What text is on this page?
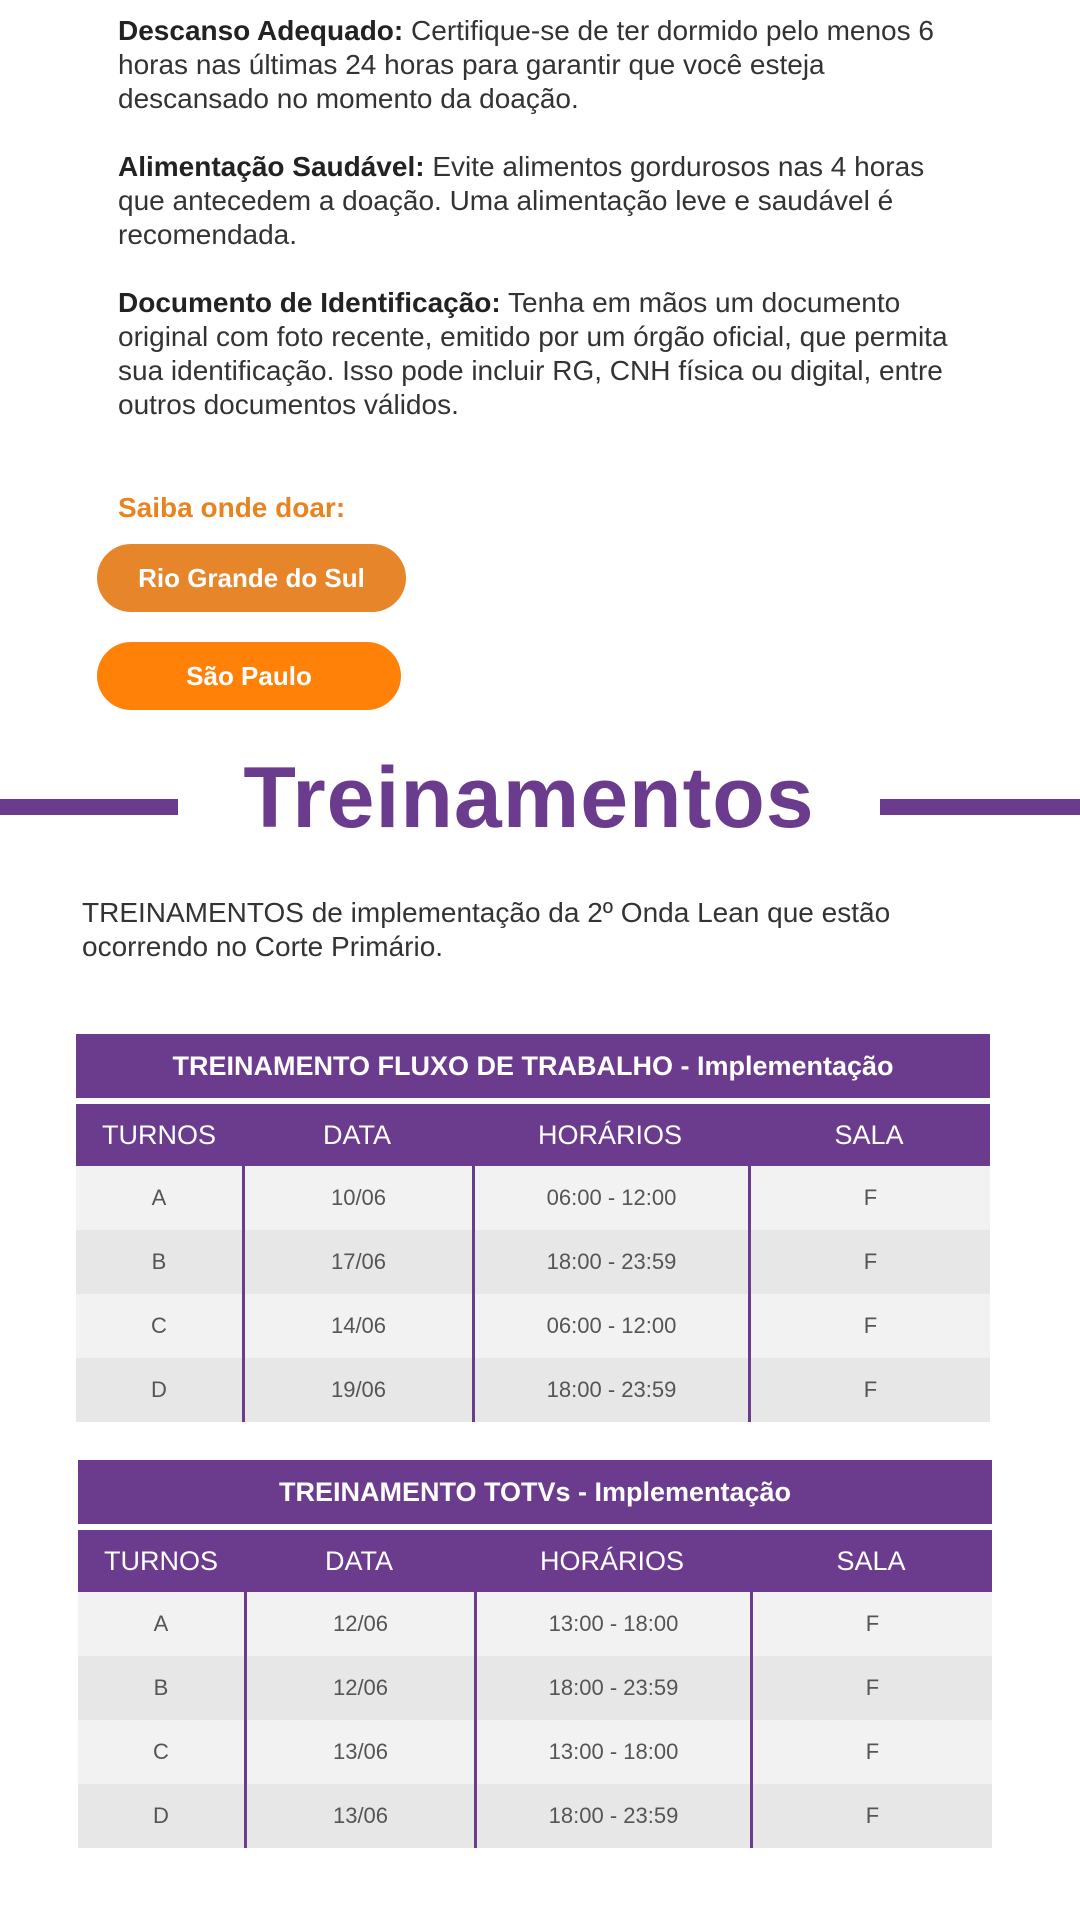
Descanso Adequado: Certifique-se de ter dormido pelo menos 6 horas nas últimas 24 horas para garantir que você esteja descansado no momento da doação.

Alimentação Saudável: Evite alimentos gordurosos nas 4 horas que antecedem a doação. Uma alimentação leve e saudável é recomendada.

Documento de Identificação: Tenha em mãos um documento original com foto recente, emitido por um órgão oficial, que permita sua identificação. Isso pode incluir RG, CNH física ou digital, entre outros documentos válidos.

Saiba onde doar:

Rio Grande do Sul
São Paulo
Treinamentos

TREINAMENTOS de implementação da 2º Onda Lean que estão ocorrendo no Corte Primário.

TREINAMENTO FLUXO DE TRABALHO - Implementação
TURNOS	DATA	HORÁRIOS	SALA
A	10/06	06:00 - 12:00	F
B	17/06	18:00 - 23:59	F
C	14/06	06:00 - 12:00	F
D	19/06	18:00 - 23:59	F
TREINAMENTO TOTVs - Implementação
TURNOS	DATA	HORÁRIOS	SALA
A	12/06	13:00 - 18:00	F
B	12/06	18:00 - 23:59	F
C	13/06	13:00 - 18:00	F
D	13/06	18:00 - 23:59	F
